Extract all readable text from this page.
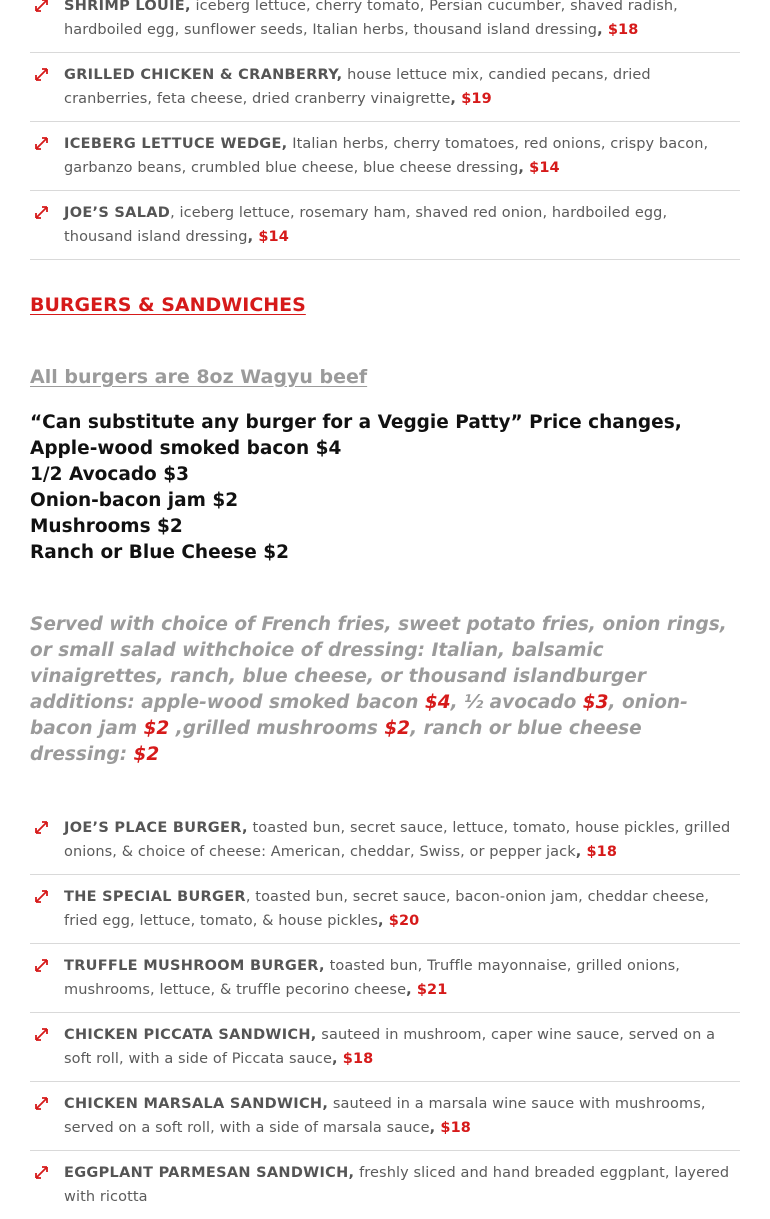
SHRIMP LOUIE, iceberg lettuce, cherry tomato, Persian cucumber, shaved radish, hardboiled egg, sunflower seeds, Italian herbs, thousand island dressing, $18
GRILLED CHICKEN & CRANBERRY, house lettuce mix, candied pecans, dried cranberries, feta cheese, dried cranberry vinaigrette, $19
ICEBERG LETTUCE WEDGE, Italian herbs, cherry tomatoes, red onions, crispy bacon, garbanzo beans, crumbled blue cheese, blue cheese dressing, $14
JOE’S SALAD, iceberg lettuce, rosemary ham, shaved red onion, hardboiled egg, thousand island dressing, $14
BURGERS & SANDWICHES
All burgers are 8oz Wagyu beef
“Can substitute any burger for a Veggie Patty” Price changes,
Apple-wood smoked bacon $4
1/2 Avocado $3
Onion-bacon jam $2
Mushrooms $2
Ranch or Blue Cheese $2
Served with choice of French fries, sweet potato fries, onion rings, or small salad withchoice of dressing: Italian, balsamic vinaigrettes, ranch, blue cheese, or thousand islandburger additions: apple-wood smoked bacon $4, ½ avocado $3, onion-bacon jam $2 ,grilled mushrooms $2, ranch or blue cheese dressing: $2
JOE’S PLACE BURGER, toasted bun, secret sauce, lettuce, tomato, house pickles, grilled onions, & choice of cheese: American, cheddar, Swiss, or pepper jack, $18
THE SPECIAL BURGER, toasted bun, secret sauce, bacon-onion jam, cheddar cheese, fried egg, lettuce, tomato, & house pickles, $20
TRUFFLE MUSHROOM BURGER, toasted bun, Truffle mayonnaise, grilled onions, mushrooms, lettuce, & truffle pecorino cheese, $21
CHICKEN PICCATA SANDWICH, sauteed in mushroom, caper wine sauce, served on a soft roll, with a side of Piccata sauce, $18
CHICKEN MARSALA SANDWICH, sauteed in a marsala wine sauce with mushrooms, served on a soft roll, with a side of marsala sauce, $18
EGGPLANT PARMESAN SANDWICH, freshly sliced and hand breaded eggplant, layered with ricotta
